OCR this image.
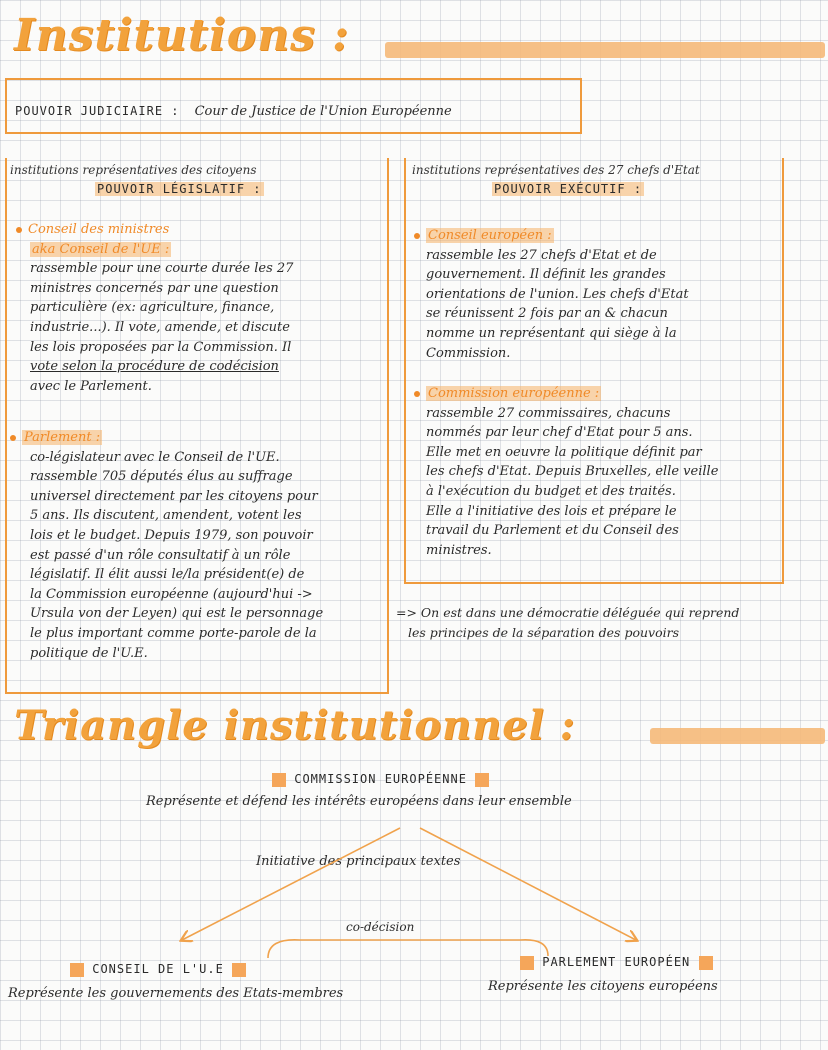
Institutions :
POUVOIR JUDICIAIRE : Cour de Justice de l'Union Européenne
institutions représentatives des citoyens
POUVOIR LÉGISLATIF :
Conseil des ministres
aka Conseil de l'UE :
rassemble pour une courte durée les 27
ministres concernés par une question
particulière (ex: agriculture, finance,
industrie...). Il vote, amende, et discute
les lois proposées par la Commission. Il
vote selon la procédure de codécision
avec le Parlement.
Parlement :
co-législateur avec le Conseil de l'UE.
rassemble 705 députés élus au suffrage
universel directement par les citoyens pour
5 ans. Ils discutent, amendent, votent les
lois et le budget. Depuis 1979, son pouvoir
est passé d'un rôle consultatif à un rôle
législatif. Il élit aussi le/la président(e) de
la Commission européenne (aujourd'hui ->
Ursula von der Leyen) qui est le personnage
le plus important comme porte-parole de la
politique de l'U.E.
institutions représentatives des 27 chefs d'Etat
POUVOIR EXÉCUTIF :
Conseil européen :
rassemble les 27 chefs d'Etat et de
gouvernement. Il définit les grandes
orientations de l'union. Les chefs d'Etat
se réunissent 2 fois par an & chacun
nomme un représentant qui siège à la
Commission.
Commission européenne :
rassemble 27 commissaires, chacuns
nommés par leur chef d'Etat pour 5 ans.
Elle met en oeuvre la politique définit par
les chefs d'Etat. Depuis Bruxelles, elle veille
à l'exécution du budget et des traités.
Elle a l'initiative des lois et prépare le
travail du Parlement et du Conseil des
ministres.
=> On est dans une démocratie déléguée qui reprend
les principes de la séparation des pouvoirs
Triangle institutionnel :
COMMISSION EUROPÉENNE
Représente et défend les intérêts européens dans leur ensemble
Initiative des principaux textes
co-décision
CONSEIL DE L'U.E
Représente les gouvernements des Etats-membres
PARLEMENT EUROPÉEN
Représente les citoyens européens
